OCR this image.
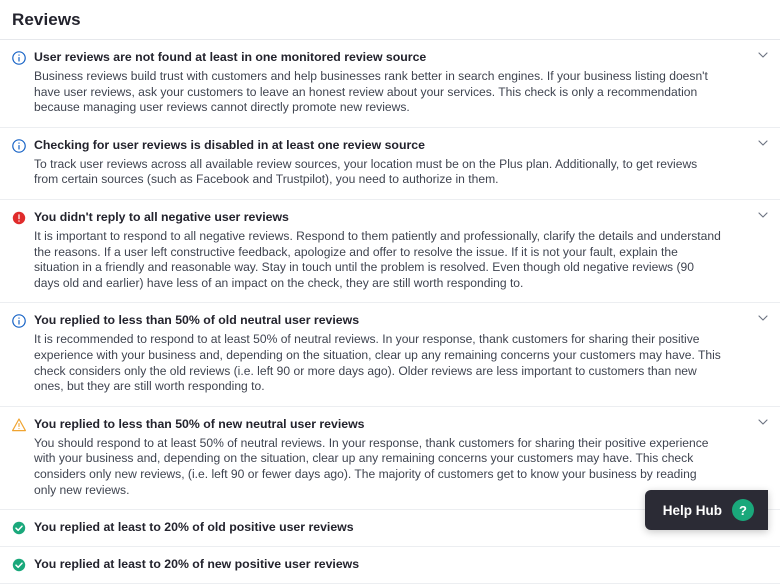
Reviews
User reviews are not found at least in one monitored review source
Business reviews build trust with customers and help businesses rank better in search engines. If your business listing doesn't have user reviews, ask your customers to leave an honest review about your services. This check is only a recommendation because managing user reviews cannot directly promote new reviews.
Checking for user reviews is disabled in at least one review source
To track user reviews across all available review sources, your location must be on the Plus plan. Additionally, to get reviews from certain sources (such as Facebook and Trustpilot), you need to authorize in them.
You didn't reply to all negative user reviews
It is important to respond to all negative reviews. Respond to them patiently and professionally, clarify the details and understand the reasons. If a user left constructive feedback, apologize and offer to resolve the issue. If it is not your fault, explain the situation in a friendly and reasonable way. Stay in touch until the problem is resolved. Even though old negative reviews (90 days old and earlier) have less of an impact on the check, they are still worth responding to.
You replied to less than 50% of old neutral user reviews
It is recommended to respond to at least 50% of neutral reviews. In your response, thank customers for sharing their positive experience with your business and, depending on the situation, clear up any remaining concerns your customers may have. This check considers only the old reviews (i.e. left 90 or more days ago). Older reviews are less important to customers than new ones, but they are still worth responding to.
You replied to less than 50% of new neutral user reviews
You should respond to at least 50% of neutral reviews. In your response, thank customers for sharing their positive experience with your business and, depending on the situation, clear up any remaining concerns your customers may have. This check considers only new reviews, (i.e. left 90 or fewer days ago). The majority of customers get to know your business by reading only new reviews.
You replied at least to 20% of old positive user reviews
You replied at least to 20% of new positive user reviews
Help Hub	?
